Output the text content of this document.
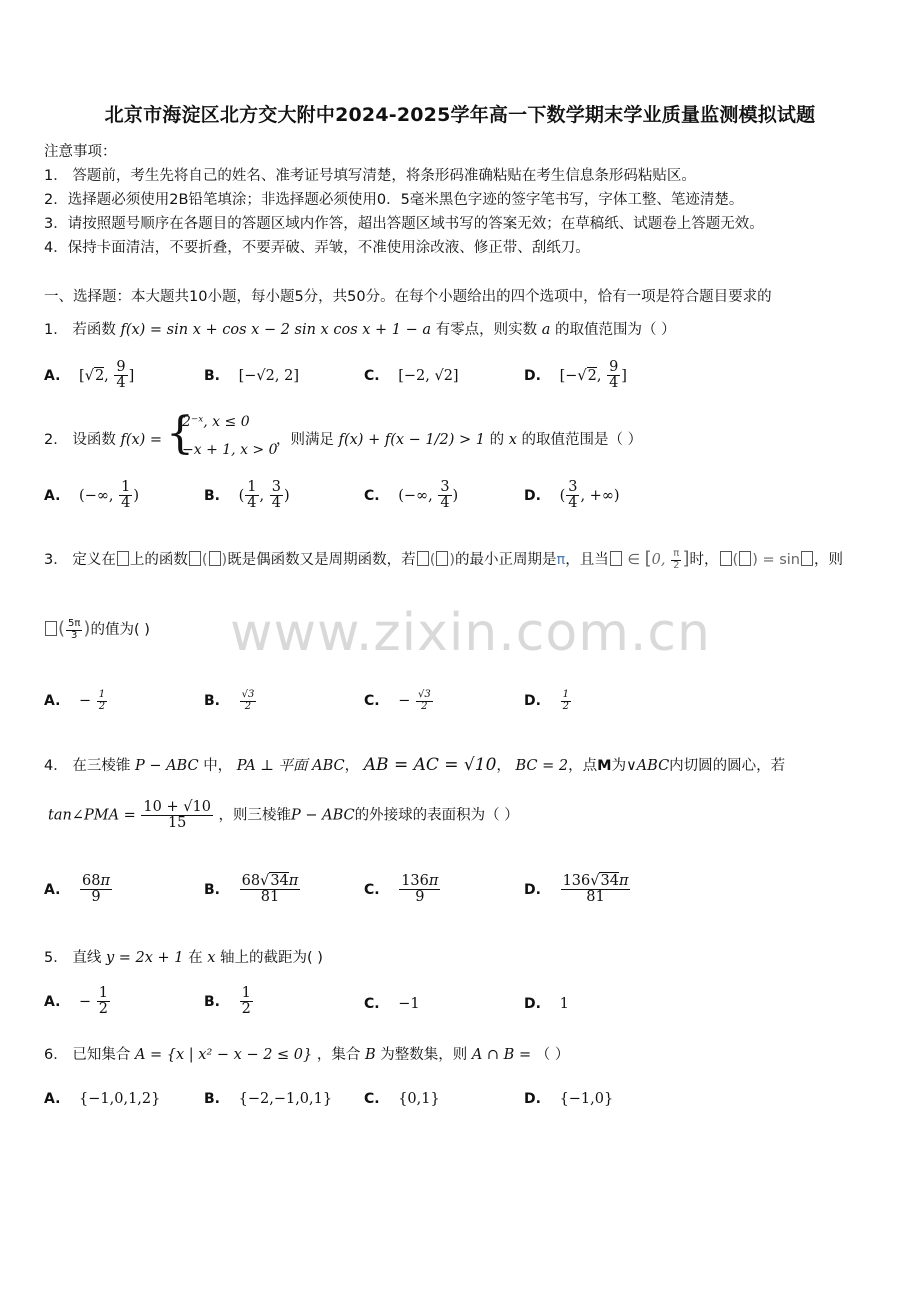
北京市海淀区北方交大附中2024-2025学年高一下数学期末学业质量监测模拟试题
注意事项：
1． 答题前，考生先将自己的姓名、准考证号填写清楚，将条形码准确粘贴在考生信息条形码粘贴区。
2．选择题必须使用2B铅笔填涂；非选择题必须使用0．5毫米黑色字迹的签字笔书写，字体工整、笔迹清楚。
3．请按照题号顺序在各题目的答题区域内作答，超出答题区域书写的答案无效；在草稿纸、试题卷上答题无效。
4．保持卡面清洁，不要折叠，不要弄破、弄皱，不准使用涂改液、修正带、刮纸刀。
一、选择题：本大题共10小题，每小题5分，共50分。在每个小题给出的四个选项中，恰有一项是符合题目要求的
1． 若函数 f(x) = sin x + cos x − 2 sin x cos x + 1 − a 有零点，则实数 a 的取值范围为（ ）
A. [√2, $\frac{9}{4}$ ]	B. [−√2, 2]	C. [−2, √2]	D. [−√2, $\frac{9}{4}$ ]
2． 设函数 f(x) = {
2⁻ˣ, x ≤ 0
−x + 1, x > 0
，则满足 f(x) + f(x − 1/2) > 1 的 x 的取值范围是（ ）
A. (−∞, $\frac{1}{4}$ )	B. ( $\frac{1}{4}$ , $\frac{3}{4}$ )	C. (−∞, $\frac{3}{4}$ )	D. ( $\frac{3}{4}$ , +∞)
3． 定义在 上的函数 ( )既是偶函数又是周期函数，若 ( )的最小正周期是π，且当 ∈ [0, $\frac{\pi}{2}$ ]时， ( ) = sin ，则
( $\frac{5\pi}{3}$ )的值为( ) www.zixin.com.cn
A. − $\frac{1}{2}$	B. $\frac{√3}{2}$	C. − $\frac{√3}{2}$	D. $\frac{1}{2}$
4． 在三棱锥 P − ABC 中， PA ⊥ 平面 ABC， AB = AC = √10， BC = 2，点M为∨ABC内切圆的圆心，若
tan∠PMA = $\frac{10 + √10}{15}$ ，则三棱锥P − ABC的外接球的表面积为（ ）
A. $\frac{68\pi}{9}$	B. $\frac{68√34\pi}{81}$	C. $\frac{136\pi}{9}$	D. $\frac{136√34\pi}{81}$
5． 直线 y = 2x + 1 在 x 轴上的截距为( )
A. − $\frac{1}{2}$	B. $\frac{1}{2}$	C. −1	D. 1
6． 已知集合 A = {x | x² − x − 2 ≤ 0} ，集合 B 为整数集，则 A ∩ B = （ ）
A. {−1,0,1,2}	B. {−2,−1,0,1} C. {0,1}	D. {−1,0}
